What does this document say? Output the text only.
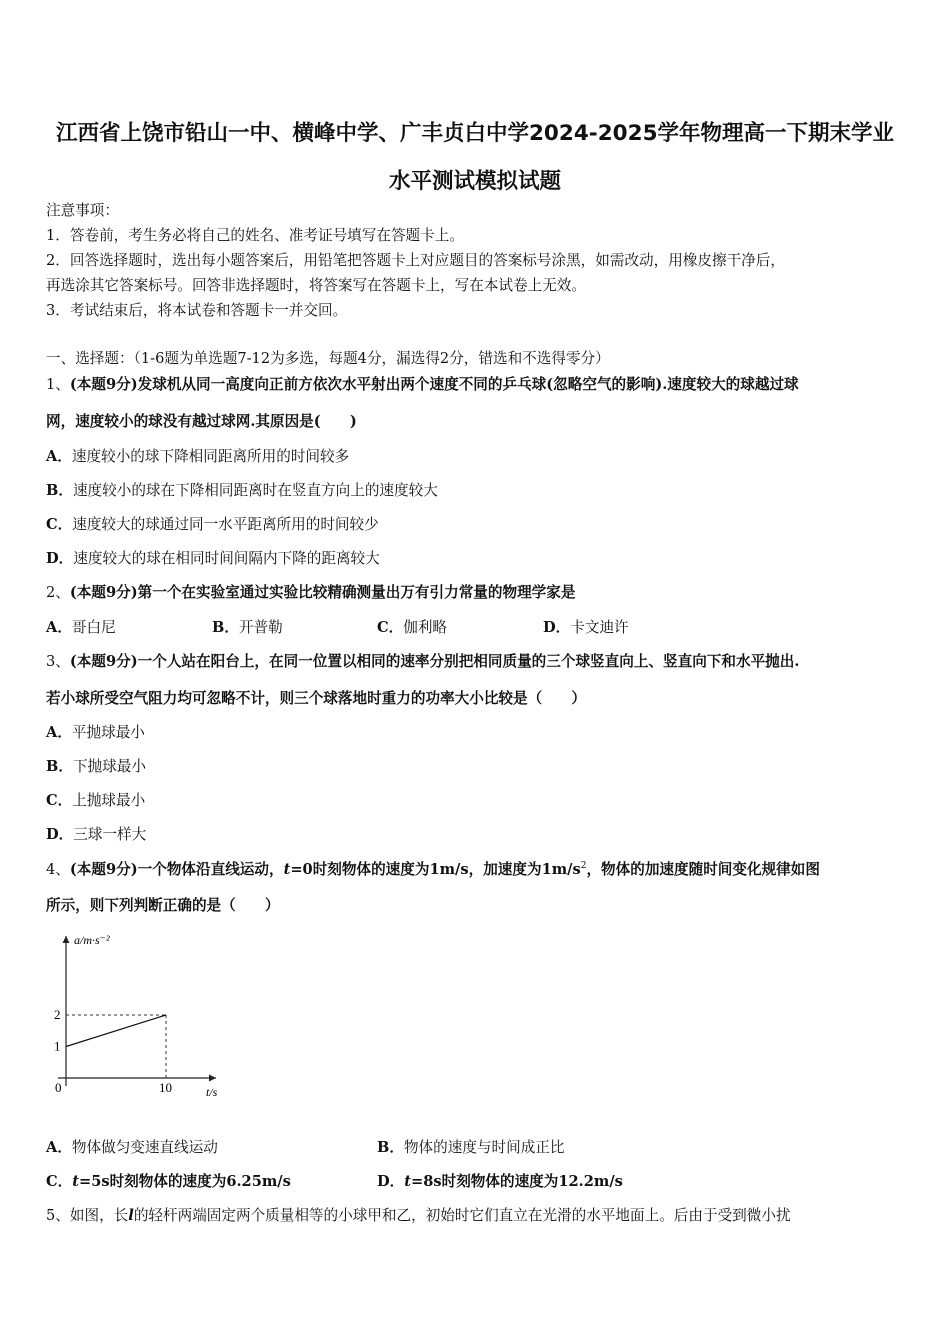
江西省上饶市铅山一中、横峰中学、广丰贞白中学2024-2025学年物理高一下期末学业
水平测试模拟试题
注意事项：
1．答卷前，考生务必将自己的姓名、准考证号填写在答题卡上。
2．回答选择题时，选出每小题答案后，用铅笔把答题卡上对应题目的答案标号涂黑，如需改动，用橡皮擦干净后，
再选涂其它答案标号。回答非选择题时，将答案写在答题卡上，写在本试卷上无效。
3．考试结束后，将本试卷和答题卡一并交回。
一、选择题：（1-6题为单选题7-12为多选，每题4分，漏选得2分，错选和不选得零分）
1、(本题9分)发球机从同一高度向正前方依次水平射出两个速度不同的乒乓球(忽略空气的影响).速度较大的球越过球
网，速度较小的球没有越过球网.其原因是(　　)
A．速度较小的球下降相同距离所用的时间较多
B．速度较小的球在下降相同距离时在竖直方向上的速度较大
C．速度较大的球通过同一水平距离所用的时间较少
D．速度较大的球在相同时间间隔内下降的距离较大
2、(本题9分)第一个在实验室通过实验比较精确测量出万有引力常量的物理学家是
A．哥白尼	B．开普勒	C．伽利略	D．卡文迪许
3、(本题9分)一个人站在阳台上，在同一位置以相同的速率分别把相同质量的三个球竖直向上、竖直向下和水平抛出.
若小球所受空气阻力均可忽略不计，则三个球落地时重力的功率大小比较是（　　）
A．平抛球最小
B．下抛球最小
C．上抛球最小
D．三球一样大
4、(本题9分)一个物体沿直线运动，t=0时刻物体的速度为1m/s，加速度为$1m/s^2$，物体的加速度随时间变化规律如图
所示，则下列判断正确的是（　　）
1
2
0	10
a/m·s⁻²
t/s
A．物体做匀变速直线运动	B．物体的速度与时间成正比
C．t=5s时刻物体的速度为6.25m/s	D．t=8s时刻物体的速度为12.2m/s
5、如图，长l的轻杆两端固定两个质量相等的小球甲和乙，初始时它们直立在光滑的水平地面上。后由于受到微小扰
